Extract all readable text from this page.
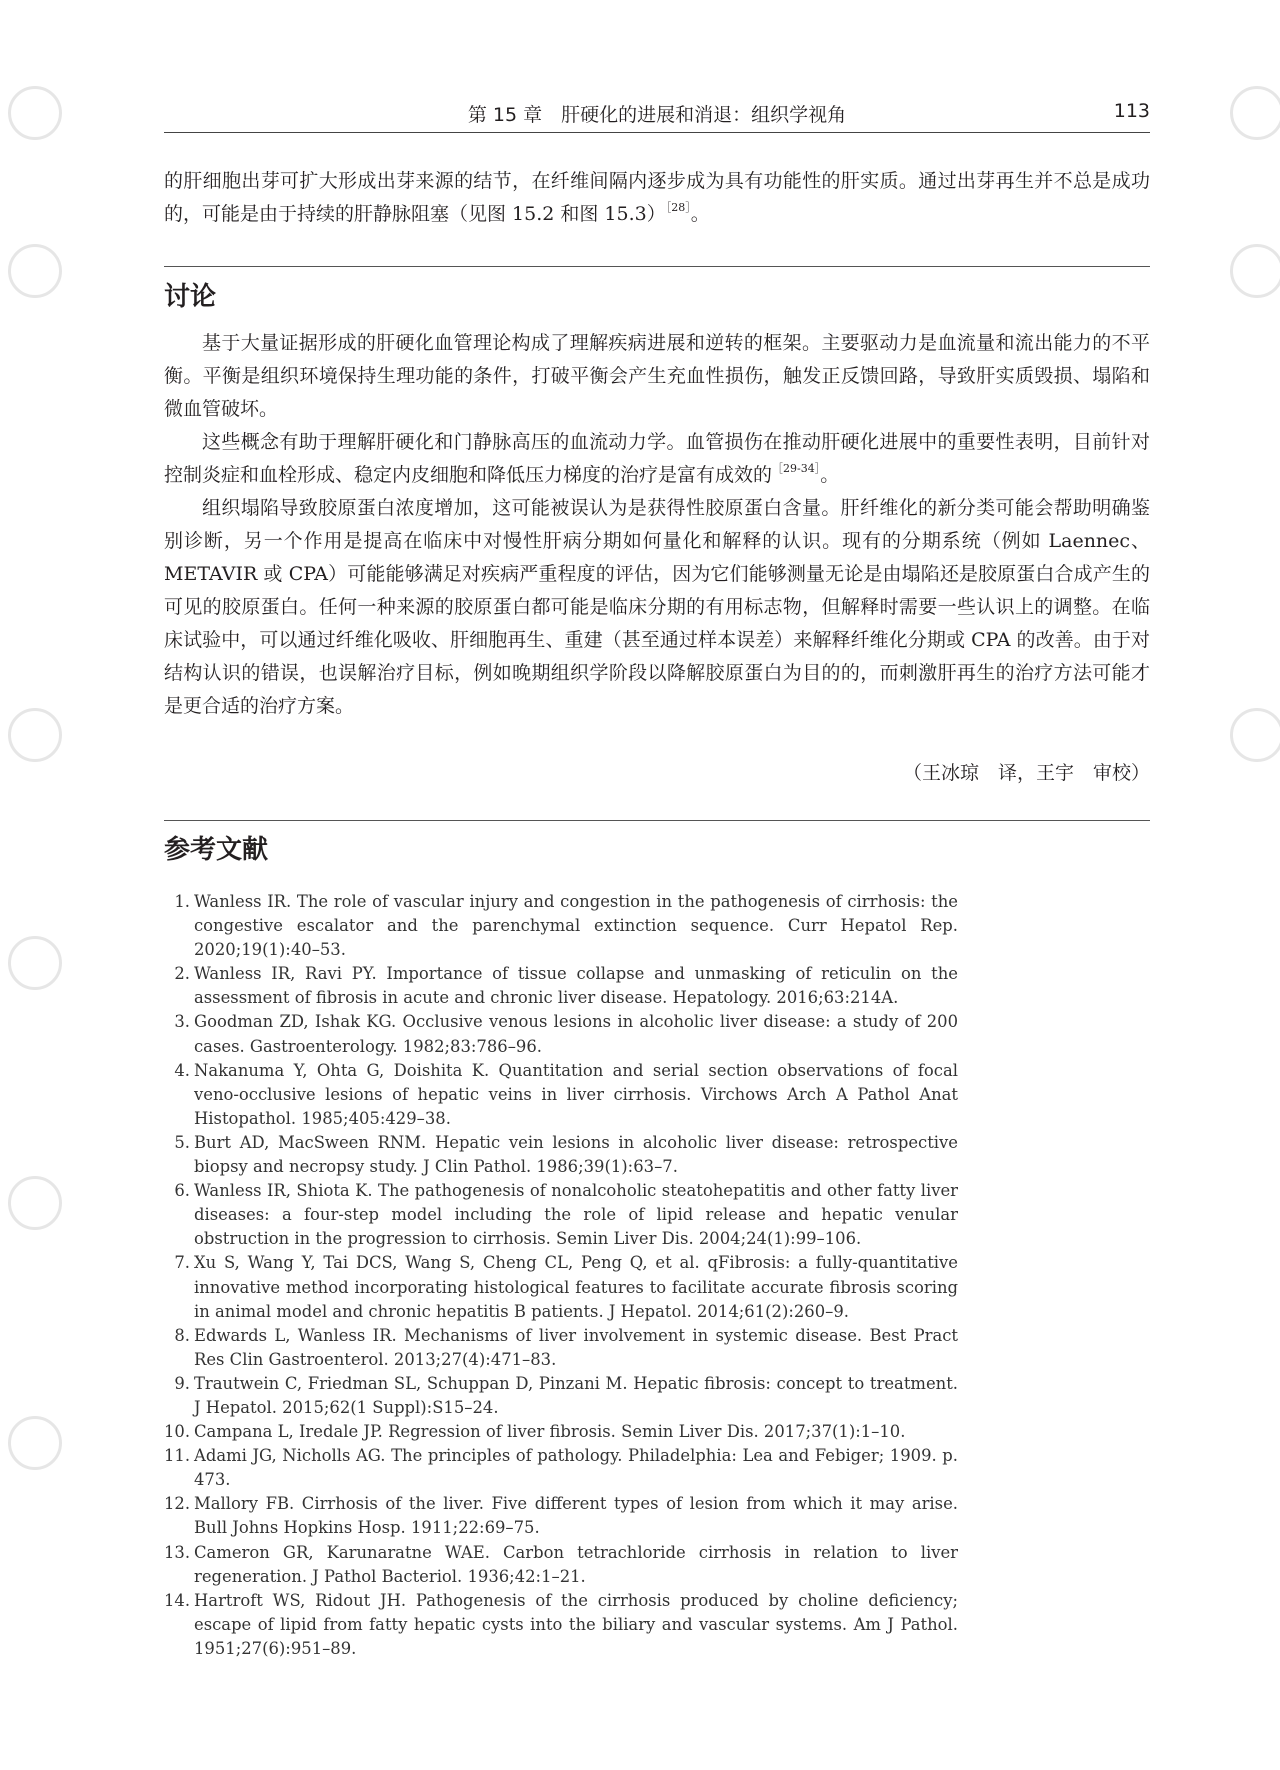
第 15 章　肝硬化的进展和消退：组织学视角	113
的肝细胞出芽可扩大形成出芽来源的结节，在纤维间隔内逐步成为具有功能性的肝实质。通过出芽再生并不总是成功的，可能是由于持续的肝静脉阻塞（见图 15.2 和图 15.3）$^{[28]}$。
讨论

基于大量证据形成的肝硬化血管理论构成了理解疾病进展和逆转的框架。主要驱动力是血流量和流出能力的不平衡。平衡是组织环境保持生理功能的条件，打破平衡会产生充血性损伤，触发正反馈回路，导致肝实质毁损、塌陷和微血管破坏。

这些概念有助于理解肝硬化和门静脉高压的血流动力学。血管损伤在推动肝硬化进展中的重要性表明，目前针对控制炎症和血栓形成、稳定内皮细胞和降低压力梯度的治疗是富有成效的$^{[29-34]}$。

组织塌陷导致胶原蛋白浓度增加，这可能被误认为是获得性胶原蛋白含量。肝纤维化的新分类可能会帮助明确鉴别诊断，另一个作用是提高在临床中对慢性肝病分期如何量化和解释的认识。现有的分期系统（例如 Laennec、METAVIR 或 CPA）可能能够满足对疾病严重程度的评估，因为它们能够测量无论是由塌陷还是胶原蛋白合成产生的可见的胶原蛋白。任何一种来源的胶原蛋白都可能是临床分期的有用标志物，但解释时需要一些认识上的调整。在临床试验中，可以通过纤维化吸收、肝细胞再生、重建（甚至通过样本误差）来解释纤维化分期或 CPA 的改善。由于对结构认识的错误，也误解治疗目标，例如晚期组织学阶段以降解胶原蛋白为目的的，而刺激肝再生的治疗方法可能才是更合适的治疗方案。

（王冰琼　译，王宇　审校）
参考文献
1. Wanless IR. The role of vascular injury and congestion in the pathogenesis of cirrhosis: the congestive escalator and the parenchymal extinction sequence. Curr Hepatol Rep. 2020;19(1):40–53.
2. Wanless IR, Ravi PY. Importance of tissue collapse and unmasking of reticulin on the assessment of fibrosis in acute and chronic liver disease. Hepatology. 2016;63:214A.
3. Goodman ZD, Ishak KG. Occlusive venous lesions in alcoholic liver disease: a study of 200 cases. Gastroenterology. 1982;83:786–96.
4. Nakanuma Y, Ohta G, Doishita K. Quantitation and serial section observations of focal veno-occlusive lesions of hepatic veins in liver cirrhosis. Virchows Arch A Pathol Anat Histopathol. 1985;405:429–38.
5. Burt AD, MacSween RNM. Hepatic vein lesions in alcoholic liver disease: retrospective biopsy and necropsy study. J Clin Pathol. 1986;39(1):63–7.
6. Wanless IR, Shiota K. The pathogenesis of nonalcoholic steatohepatitis and other fatty liver diseases: a four-step model including the role of lipid release and hepatic venular obstruction in the progression to cirrhosis. Semin Liver Dis. 2004;24(1):99–106.
7. Xu S, Wang Y, Tai DCS, Wang S, Cheng CL, Peng Q, et al. qFibrosis: a fully-quantitative innovative method incorporating histological features to facilitate accurate fibrosis scoring in animal model and chronic hepatitis B patients. J Hepatol. 2014;61(2):260–9.
8. Edwards L, Wanless IR. Mechanisms of liver involvement in systemic disease. Best Pract Res Clin Gastroenterol. 2013;27(4):471–83.
9. Trautwein C, Friedman SL, Schuppan D, Pinzani M. Hepatic fibrosis: concept to treatment. J Hepatol. 2015;62(1 Suppl):S15–24.
10. Campana L, Iredale JP. Regression of liver fibrosis. Semin Liver Dis. 2017;37(1):1–10.
11. Adami JG, Nicholls AG. The principles of pathology. Philadelphia: Lea and Febiger; 1909. p. 473.
12. Mallory FB. Cirrhosis of the liver. Five different types of lesion from which it may arise. Bull Johns Hopkins Hosp. 1911;22:69–75.
13. Cameron GR, Karunaratne WAE. Carbon tetrachloride cirrhosis in relation to liver regeneration. J Pathol Bacteriol. 1936;42:1–21.
14. Hartroft WS, Ridout JH. Pathogenesis of the cirrhosis produced by choline deficiency; escape of lipid from fatty hepatic cysts into the biliary and vascular systems. Am J Pathol. 1951;27(6):951–89.
